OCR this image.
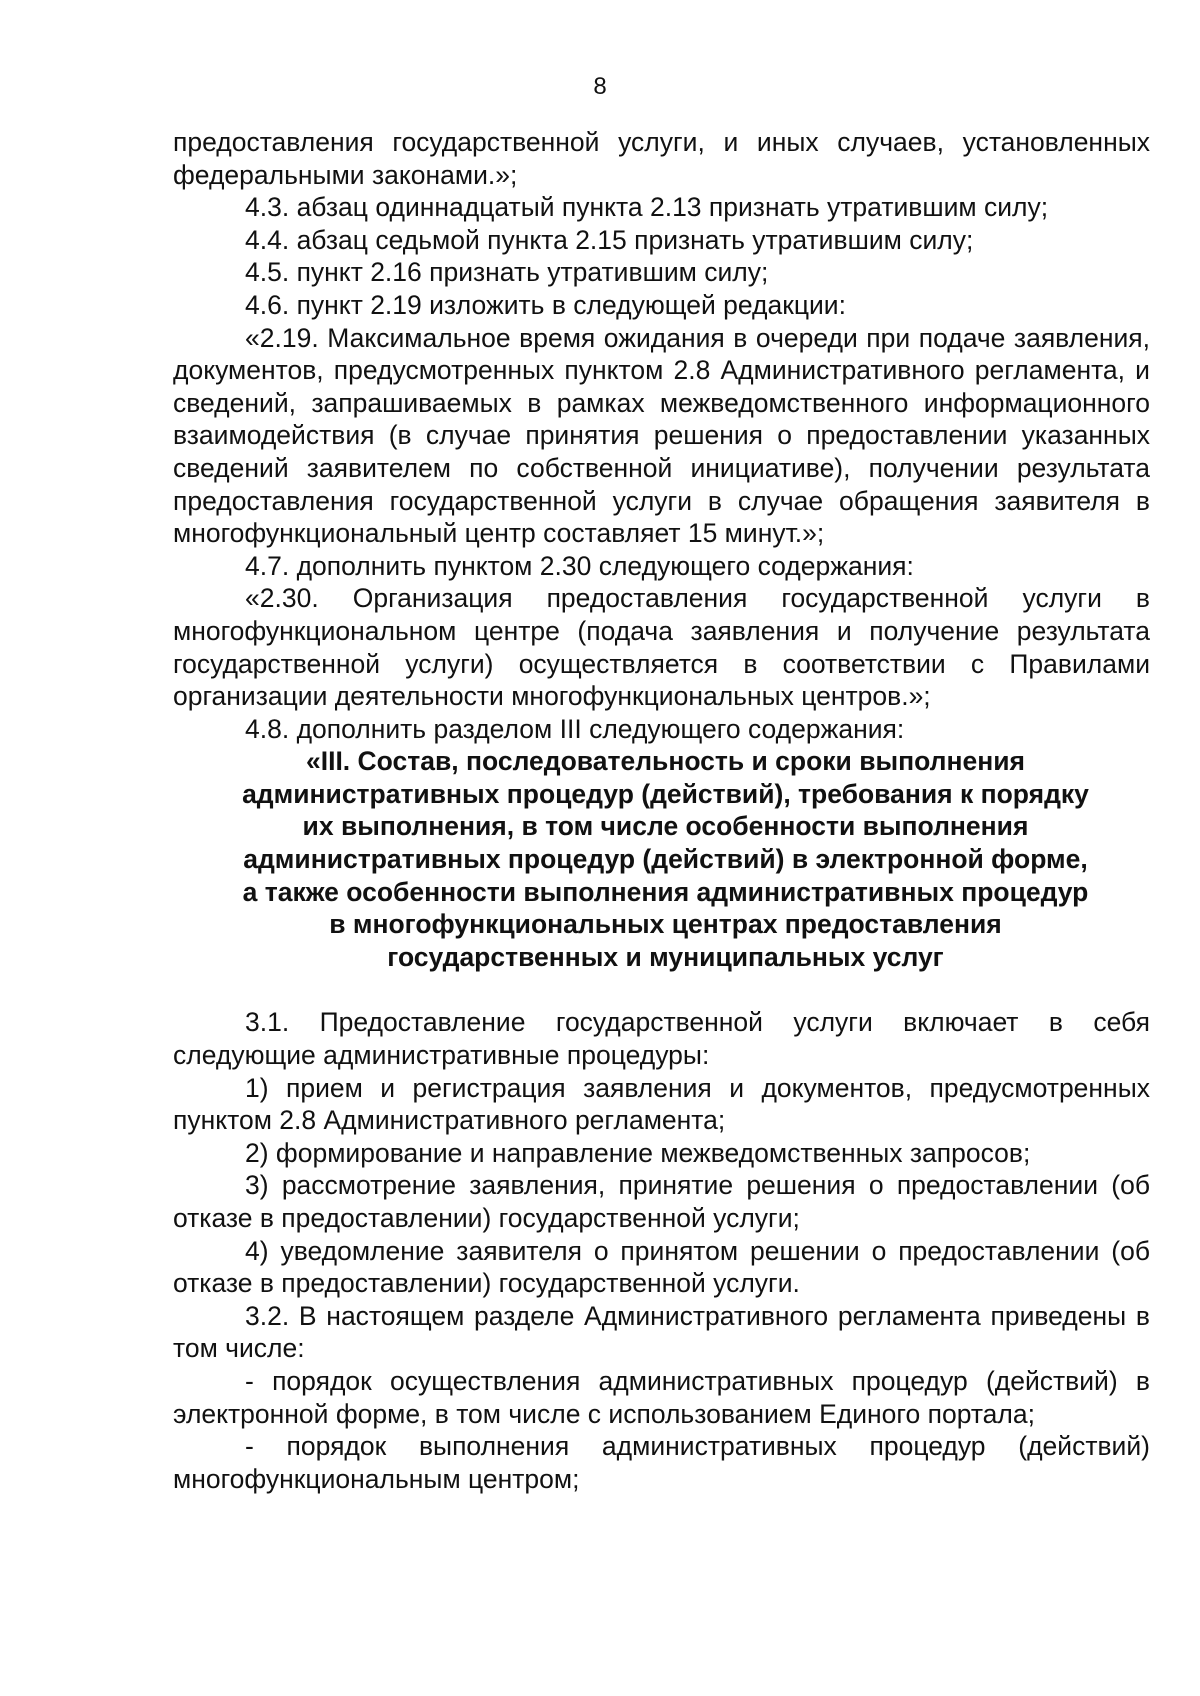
8

предоставления государственной услуги, и иных случаев, установленных федеральными законами.»;

4.3. абзац одиннадцатый пункта 2.13 признать утратившим силу;

4.4. абзац седьмой пункта 2.15 признать утратившим силу;

4.5. пункт 2.16 признать утратившим силу;

4.6. пункт 2.19 изложить в следующей редакции:

«2.19. Максимальное время ожидания в очереди при подаче заявления, документов, предусмотренных пунктом 2.8 Административного регламента, и сведений, запрашиваемых в рамках межведомственного информационного взаимодействия (в случае принятия решения о предоставлении указанных сведений заявителем по собственной инициативе), получении результата предоставления государственной услуги в случае обращения заявителя в многофункциональный центр составляет 15 минут.»;

4.7. дополнить пунктом 2.30 следующего содержания:

«2.30. Организация предоставления государственной услуги в многофункциональном центре (подача заявления и получение результата государственной услуги) осуществляется в соответствии с Правилами организации деятельности многофункциональных центров.»;

4.8. дополнить разделом III следующего содержания:

«III. Состав, последовательность и сроки выполнения
административных процедур (действий), требования к порядку
их выполнения, в том числе особенности выполнения
административных процедур (действий) в электронной форме,
а также особенности выполнения административных процедур
в многофункциональных центрах предоставления
государственных и муниципальных услуг

3.1. Предоставление государственной услуги включает в себя следующие административные процедуры:

1) прием и регистрация заявления и документов, предусмотренных пунктом 2.8 Административного регламента;

2) формирование и направление межведомственных запросов;

3) рассмотрение заявления, принятие решения о предоставлении (об отказе в предоставлении) государственной услуги;

4) уведомление заявителя о принятом решении о предоставлении (об отказе в предоставлении) государственной услуги.

3.2. В настоящем разделе Административного регламента приведены в том числе:

- порядок осуществления административных процедур (действий) в электронной форме, в том числе с использованием Единого портала;

- порядок выполнения административных процедур (действий) многофункциональным центром;
